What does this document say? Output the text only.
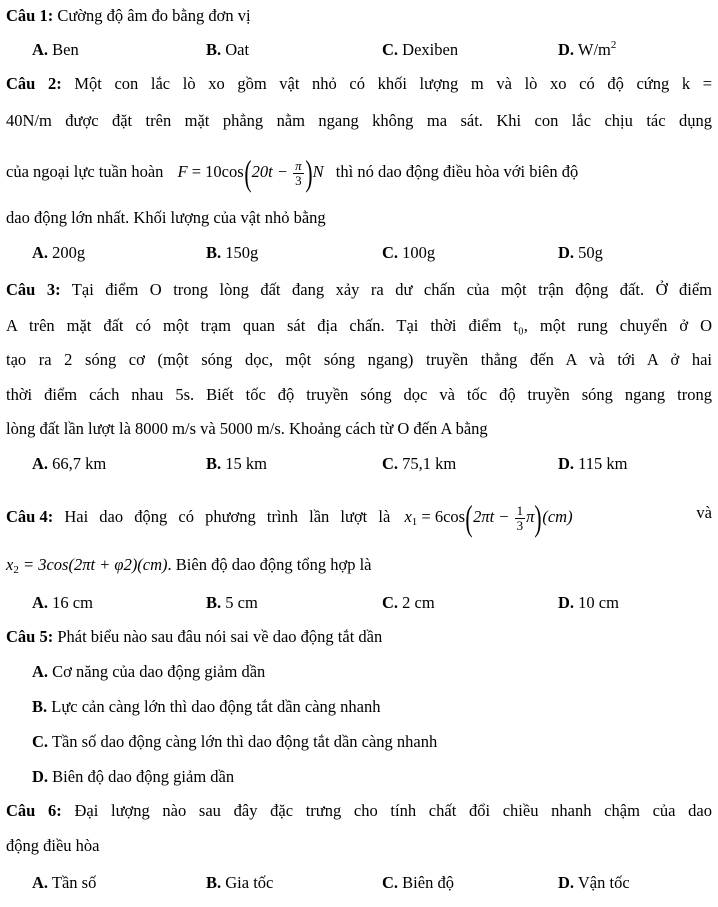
Câu 1: Cường độ âm đo bằng đơn vị
A. Ben	B. Oat	C. Dexiben	D. $W/m^2$
Câu 2: Một con lắc lò xo gồm vật nhỏ có khối lượng m và lò xo có độ cứng k =
40N/m được đặt trên mặt phẳng nằm ngang không ma sát. Khi con lắc chịu tác dụng
của ngoại lực tuần hoàn $F = 10\cos(20t - \frac{\pi}{3} )N$ thì nó dao động điều hòa với biên độ
dao động lớn nhất. Khối lượng của vật nhỏ bằng
A. 200g	B. 150g	C. 100g	D. 50g
Câu 3: Tại điểm O trong lòng đất đang xảy ra dư chấn của một trận động đất. Ở điểm
A trên mặt đất có một trạm quan sát địa chấn. Tại thời điểm t₀, một rung chuyển ở O
tạo ra 2 sóng cơ (một sóng dọc, một sóng ngang) truyền thẳng đến A và tới A ở hai
thời điểm cách nhau 5s. Biết tốc độ truyền sóng dọc và tốc độ truyền sóng ngang trong
lòng đất lần lượt là 8000 m/s và 5000 m/s. Khoảng cách từ O đến A bằng
A. 66,7 km	B. 15 km	C. 75,1 km	D. 115 km
Câu 4: Hai dao động có phương trình lần lượt là $x_1 = 6\cos(2\pi t - \frac{1}{3} \pi)(cm)$	và
$x_2 = 3\cos(2\pi t + \varphi 2)(cm)$. Biên độ dao động tổng hợp là
A. 16 cm	B. 5 cm	C. 2 cm	D. 10 cm
Câu 5: Phát biểu nào sau đâu nói sai về dao động tắt dần
A. Cơ năng của dao động giảm dần
B. Lực cản càng lớn thì dao động tắt dần càng nhanh
C. Tần số dao động càng lớn thì dao động tắt dần càng nhanh
D. Biên độ dao động giảm dần
Câu 6: Đại lượng nào sau đây đặc trưng cho tính chất đổi chiều nhanh chậm của dao
động điều hòa
A. Tần số	B. Gia tốc	C. Biên độ	D. Vận tốc
